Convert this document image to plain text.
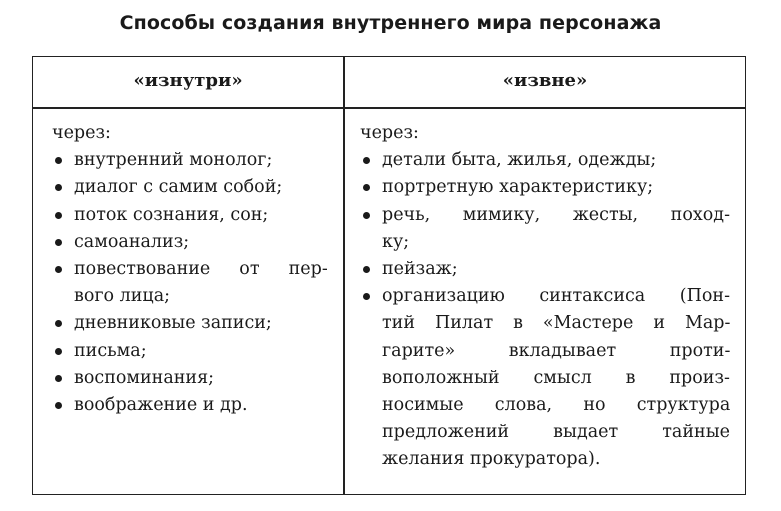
Способы создания внутреннего мира персонажа
«изнутри»	«извне»
через:
внутренний монолог;
диалог с самим собой;
поток сознания, сон;
самоанализ;
повествование от пер-
вого лица;
дневниковые записи;
письма;
воспоминания;
воображение и др.
через:
детали быта, жилья, одежды;
портретную характеристику;
речь, мимику, жесты, поход-
ку;
пейзаж;
организацию синтаксиса (Пон-
тий Пилат в «Мастере и Мар-
гарите» вкладывает проти-
воположный смысл в произ-
носимые слова, но структура
предложений выдает тайные
желания прокуратора).
